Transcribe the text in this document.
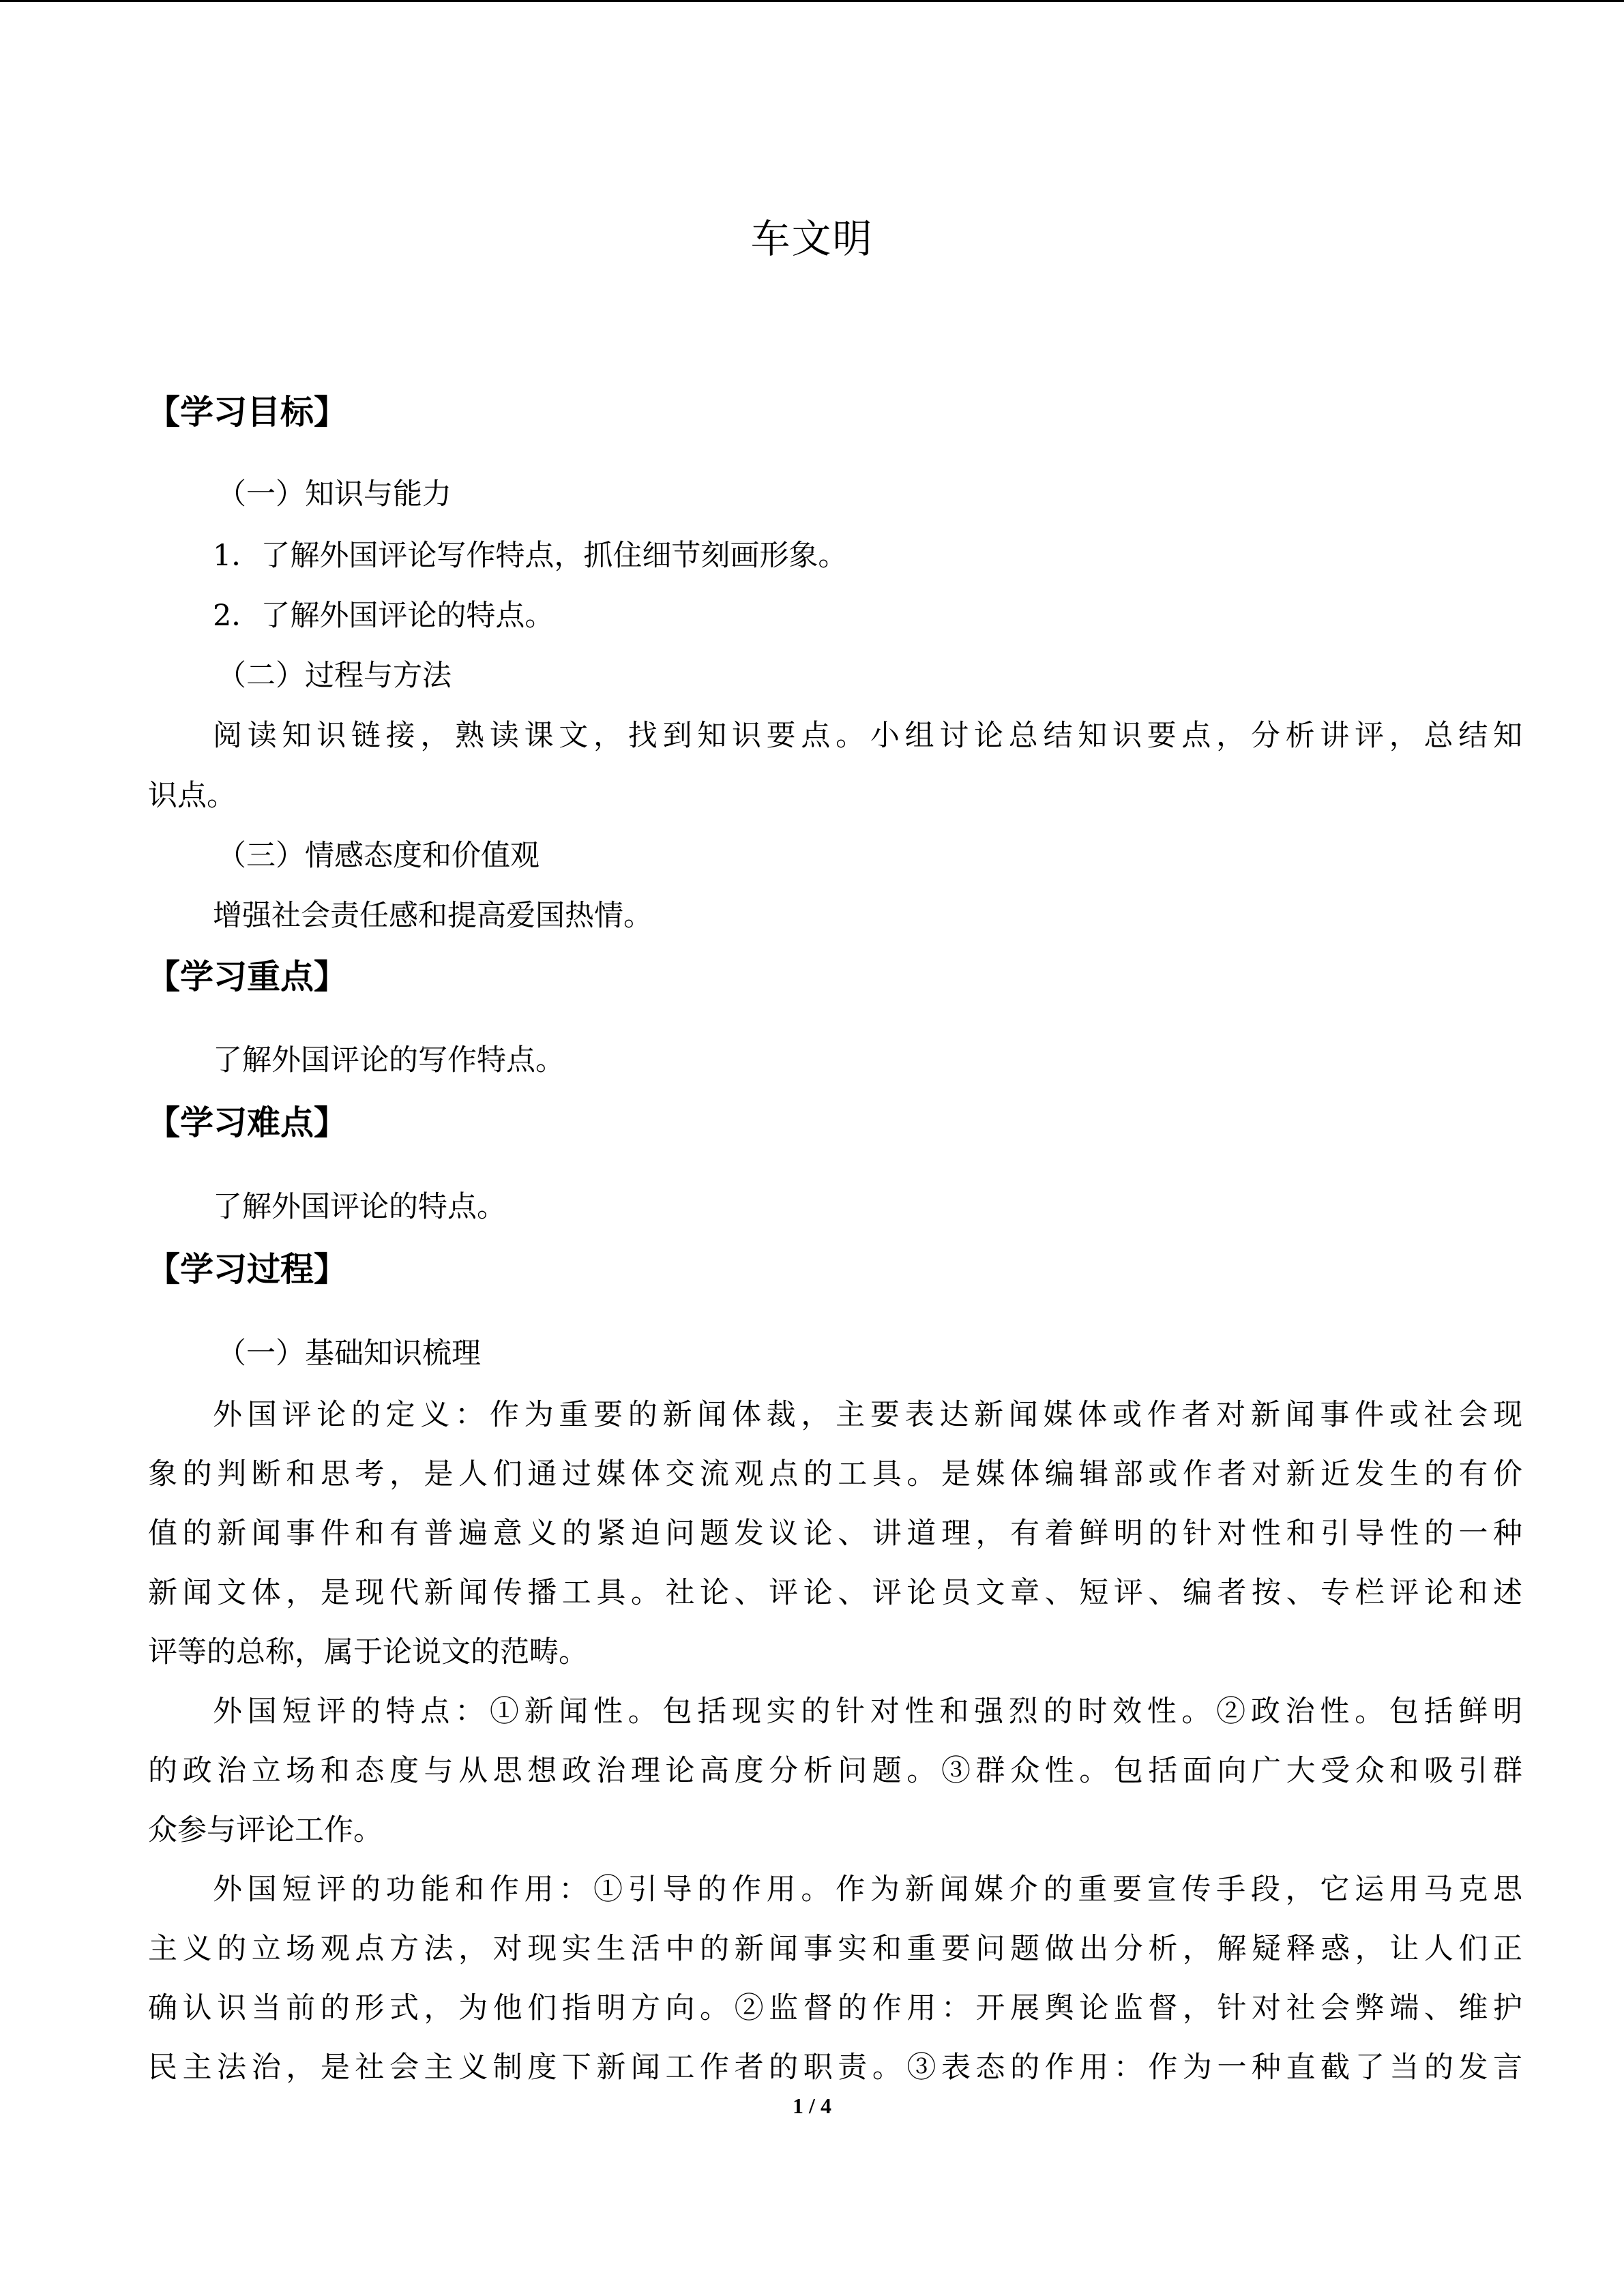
车文明
【学习目标】
（一）知识与能力
1．了解外国评论写作特点，抓住细节刻画形象。
2．了解外国评论的特点。
（二）过程与方法
阅读知识链接，熟读课文，找到知识要点。小组讨论总结知识要点，分析讲评，总结知
识点。
（三）情感态度和价值观
增强社会责任感和提高爱国热情。
【学习重点】
了解外国评论的写作特点。
【学习难点】
了解外国评论的特点。
【学习过程】
（一）基础知识梳理
外国评论的定义：作为重要的新闻体裁，主要表达新闻媒体或作者对新闻事件或社会现
象的判断和思考，是人们通过媒体交流观点的工具。是媒体编辑部或作者对新近发生的有价
值的新闻事件和有普遍意义的紧迫问题发议论、讲道理，有着鲜明的针对性和引导性的一种
新闻文体，是现代新闻传播工具。社论、评论、评论员文章、短评、编者按、专栏评论和述
评等的总称，属于论说文的范畴。
外国短评的特点：①新闻性。包括现实的针对性和强烈的时效性。②政治性。包括鲜明
的政治立场和态度与从思想政治理论高度分析问题。③群众性。包括面向广大受众和吸引群
众参与评论工作。
外国短评的功能和作用：①引导的作用。作为新闻媒介的重要宣传手段，它运用马克思
主义的立场观点方法，对现实生活中的新闻事实和重要问题做出分析，解疑释惑，让人们正
确认识当前的形式，为他们指明方向。②监督的作用：开展舆论监督，针对社会弊端、维护
民主法治，是社会主义制度下新闻工作者的职责。③表态的作用：作为一种直截了当的发言
1 / 4
